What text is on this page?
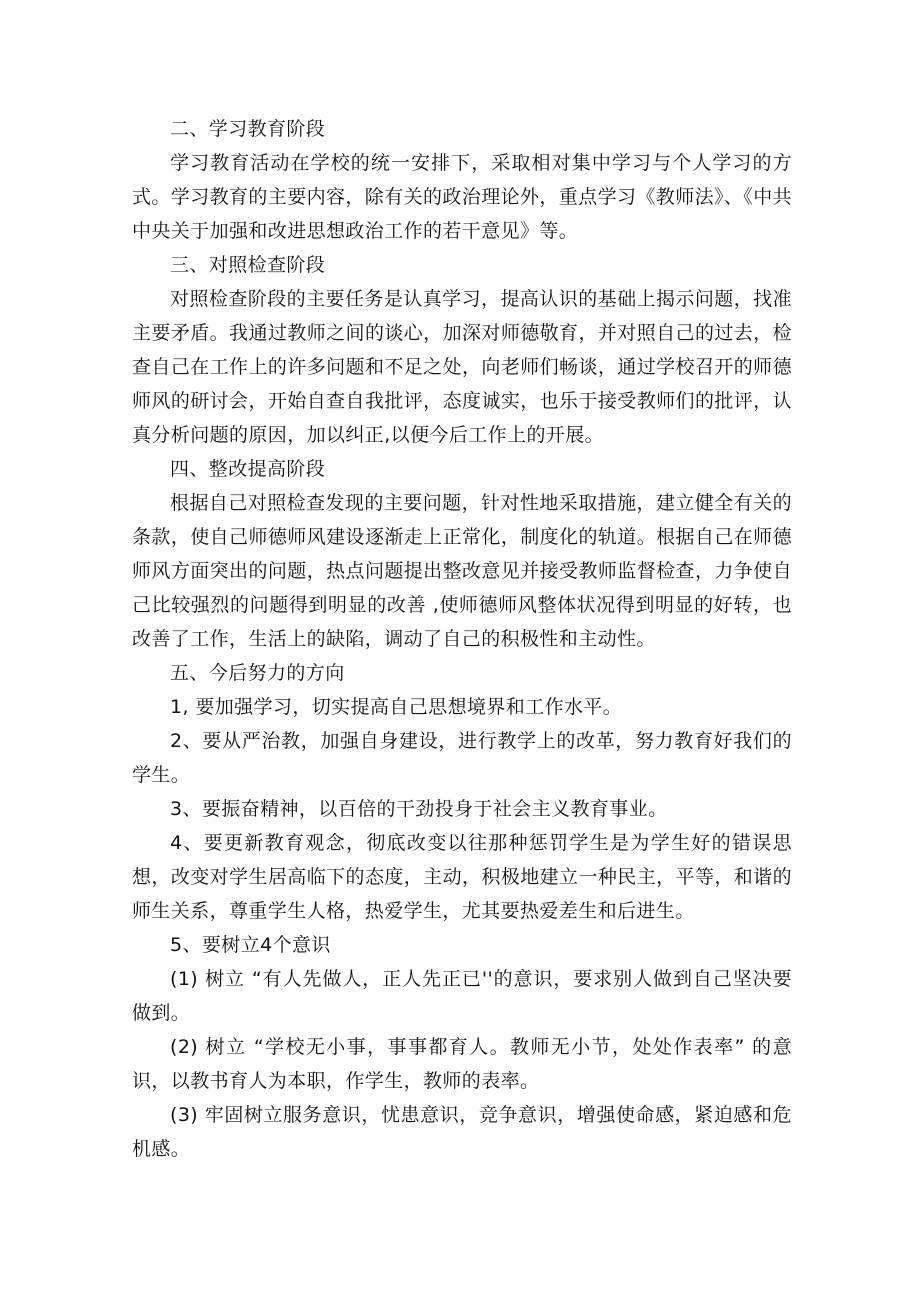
二、学习教育阶段

学习教育活动在学校的统一安排下，采取相对集中学习与个人学习的方式。学习教育的主要内容，除有关的政治理论外，重点学习《教师法》、《中共中央关于加强和改进思想政治工作的若干意见》等。

三、对照检查阶段

对照检查阶段的主要任务是认真学习，提高认识的基础上揭示问题，找准主要矛盾。我通过教师之间的谈心，加深对师德敬育，并对照自己的过去，检查自己在工作上的许多问题和不足之处，向老师们畅谈，通过学校召开的师德师风的研讨会，开始自查自我批评，态度诚实，也乐于接受教师们的批评，认真分析问题的原因，加以纠正,以便今后工作上的开展。

四、整改提高阶段

根据自己对照检查发现的主要问题，针对性地采取措施，建立健全有关的条款，使自己师德师风建设逐渐走上正常化，制度化的轨道。根据自己在师德师风方面突出的问题，热点问题提出整改意见并接受教师监督检查，力争使自己比较强烈的问题得到明显的改善 ,使师德师风整体状况得到明显的好转，也改善了工作，生活上的缺陷，调动了自己的积极性和主动性。

五、今后努力的方向

1, 要加强学习，切实提高自己思想境界和工作水平。

2、要从严治教，加强自身建设，进行教学上的改革，努力教育好我们的学生。

3、要振奋精神，以百倍的干劲投身于社会主义教育事业。

4、要更新教育观念，彻底改变以往那种惩罚学生是为学生好的错误思想，改变对学生居高临下的态度，主动，积极地建立一种民主，平等，和谐的师生关系，尊重学生人格，热爱学生，尤其要热爱差生和后进生。

5、要树立4个意识

(1) 树立 “有人先做人，正人先正已''的意识，要求别人做到自己坚决要做到。

(2) 树立 “学校无小事，事事都育人。教师无小节，处处作表率” 的意识，以教书育人为本职，作学生，教师的表率。

(3) 牢固树立服务意识，忧患意识，竞争意识，增强使命感，紧迫感和危机感。
